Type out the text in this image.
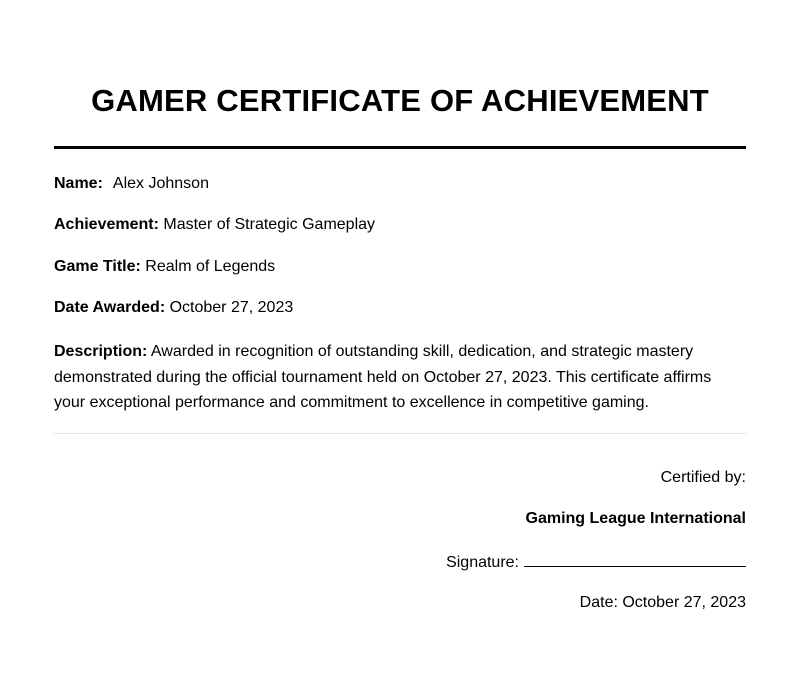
GAMER CERTIFICATE OF ACHIEVEMENT
Name: Alex Johnson
Achievement: Master of Strategic Gameplay
Game Title: Realm of Legends
Date Awarded: October 27, 2023
Description: Awarded in recognition of outstanding skill, dedication, and strategic mastery demonstrated during the official tournament held on October 27, 2023. This certificate affirms your exceptional performance and commitment to excellence in competitive gaming.
Certified by:
Gaming League International
Signature:
Date: October 27, 2023
